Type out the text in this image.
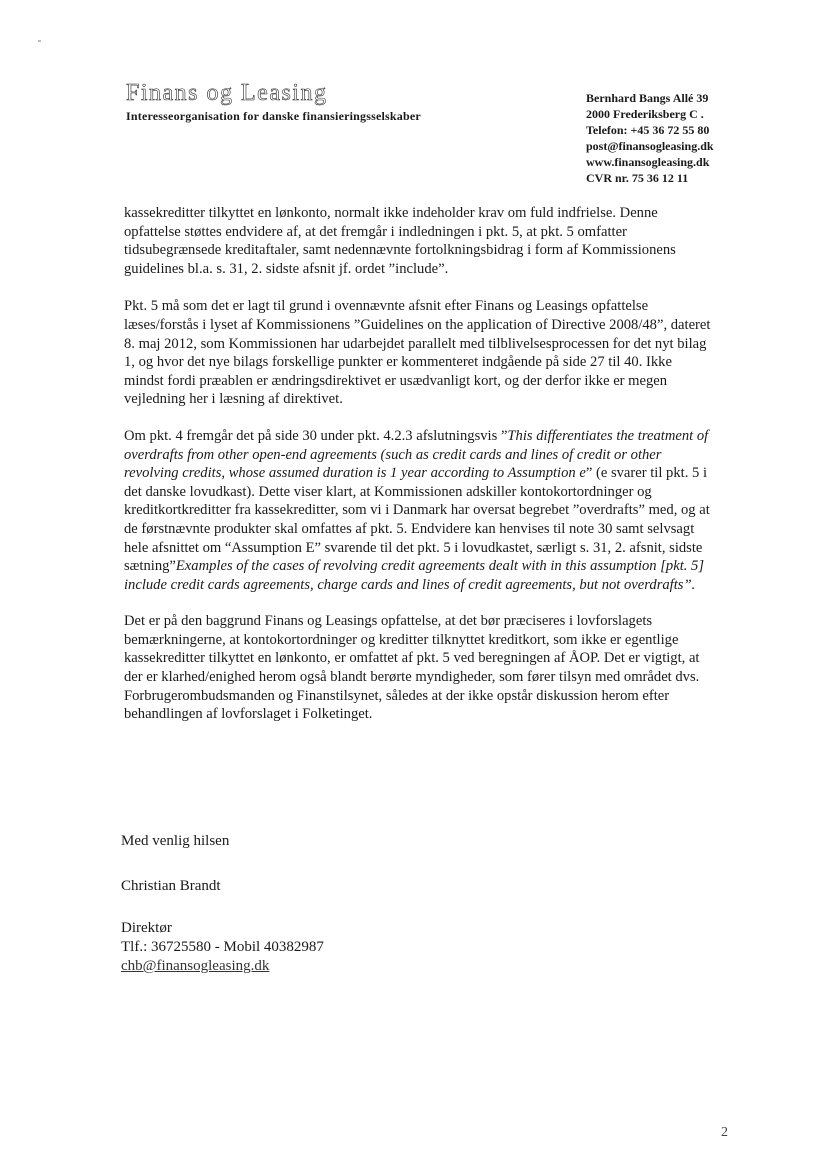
Finans og Leasing
Interesseorganisation for danske finansieringsselskaber
Bernhard Bangs Allé 39
2000 Frederiksberg C .
Telefon: +45 36 72 55 80
post@finansogleasing.dk
www.finansogleasing.dk
CVR nr. 75 36 12 11

kassekreditter tilkyttet en lønkonto, normalt ikke indeholder krav om fuld indfrielse. Denne opfattelse støttes endvidere af, at det fremgår i indledningen i pkt. 5, at pkt. 5 omfatter tidsubegrænsede kreditaftaler, samt nedennævnte fortolkningsbidrag i form af Kommissionens guidelines bl.a. s. 31, 2. sidste afsnit jf. ordet ”include”.

Pkt. 5 må som det er lagt til grund i ovennævnte afsnit efter Finans og Leasings opfattelse læses/forstås i lyset af Kommissionens ”Guidelines on the application of Directive 2008/48”, dateret 8. maj 2012, som Kommissionen har udarbejdet parallelt med tilblivelsesprocessen for det nyt bilag 1, og hvor det nye bilags forskellige punkter er kommenteret indgående på side 27 til 40. Ikke mindst fordi præablen er ændringsdirektivet er usædvanligt kort, og der derfor ikke er megen vejledning her i læsning af direktivet.

Om pkt. 4 fremgår det på side 30 under pkt. 4.2.3 afslutningsvis ”This differentiates the treatment of overdrafts from other open-end agreements (such as credit cards and lines of credit or other revolving credits, whose assumed duration is 1 year according to Assumption e” (e svarer til pkt. 5 i det danske lovudkast). Dette viser klart, at Kommissionen adskiller kontokortordninger og kreditkortkreditter fra kassekreditter, som vi i Danmark har oversat begrebet ”overdrafts” med, og at de førstnævnte produkter skal omfattes af pkt. 5. Endvidere kan henvises til note 30 samt selvsagt hele afsnittet om “Assumption E” svarende til det pkt. 5 i lovudkastet, særligt s. 31, 2. afsnit, sidste sætning”Examples of the cases of revolving credit agreements dealt with in this assumption [pkt. 5] include credit cards agreements, charge cards and lines of credit agreements, but not overdrafts”.

Det er på den baggrund Finans og Leasings opfattelse, at det bør præciseres i lovforslagets bemærkningerne, at kontokortordninger og kreditter tilknyttet kreditkort, som ikke er egentlige kassekreditter tilkyttet en lønkonto, er omfattet af pkt. 5 ved beregningen af ÅOP. Det er vigtigt, at der er klarhed/enighed herom også blandt berørte myndigheder, som fører tilsyn med området dvs. Forbrugerombudsmanden og Finanstilsynet, således at der ikke opstår diskussion herom efter behandlingen af lovforslaget i Folketinget.

Med venlig hilsen
Christian Brandt
Direktør
Tlf.: 36725580 - Mobil 40382987
chb@finansogleasing.dk
2
